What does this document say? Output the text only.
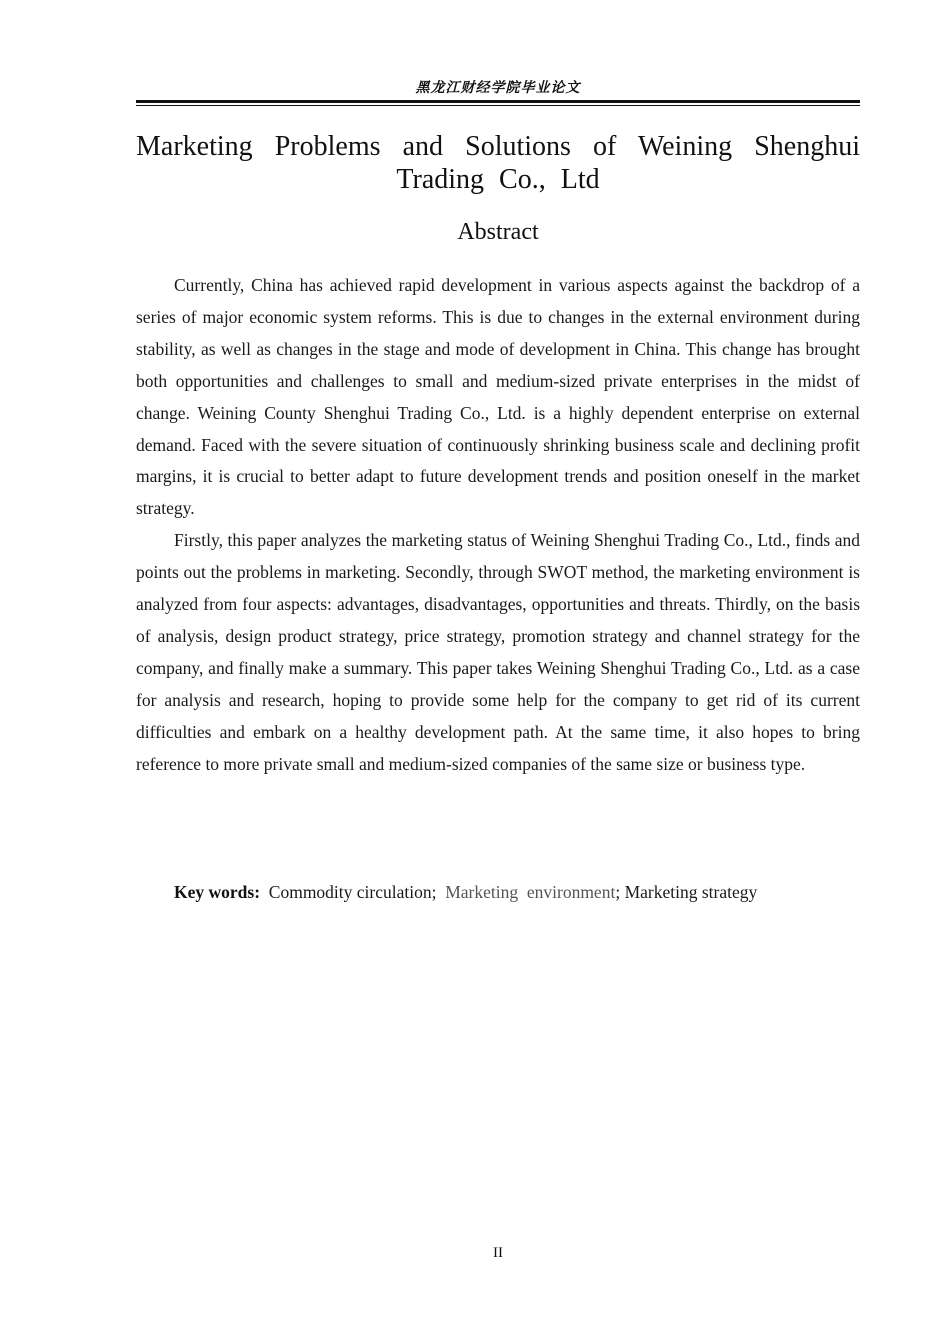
黑龙江财经学院毕业论文
Marketing Problems and Solutions of Weining Shenghui Trading Co., Ltd
Abstract

Currently, China has achieved rapid development in various aspects against the backdrop of a series of major economic system reforms. This is due to changes in the external environment during stability, as well as changes in the stage and mode of development in China. This change has brought both opportunities and challenges to small and medium-sized private enterprises in the midst of change. Weining County Shenghui Trading Co., Ltd. is a highly dependent enterprise on external demand. Faced with the severe situation of continuously shrinking business scale and declining profit margins, it is crucial to better adapt to future development trends and position oneself in the market strategy.

Firstly, this paper analyzes the marketing status of Weining Shenghui Trading Co., Ltd., finds and points out the problems in marketing. Secondly, through SWOT method, the marketing environment is analyzed from four aspects: advantages, disadvantages, opportunities and threats. Thirdly, on the basis of analysis, design product strategy, price strategy, promotion strategy and channel strategy for the company, and finally make a summary. This paper takes Weining Shenghui Trading Co., Ltd. as a case for analysis and research, hoping to provide some help for the company to get rid of its current difficulties and embark on a healthy development path. At the same time, it also hopes to bring reference to more private small and medium-sized companies of the same size or business type.

Key words: Commodity circulation; Marketing  environment; Marketing strategy
II
